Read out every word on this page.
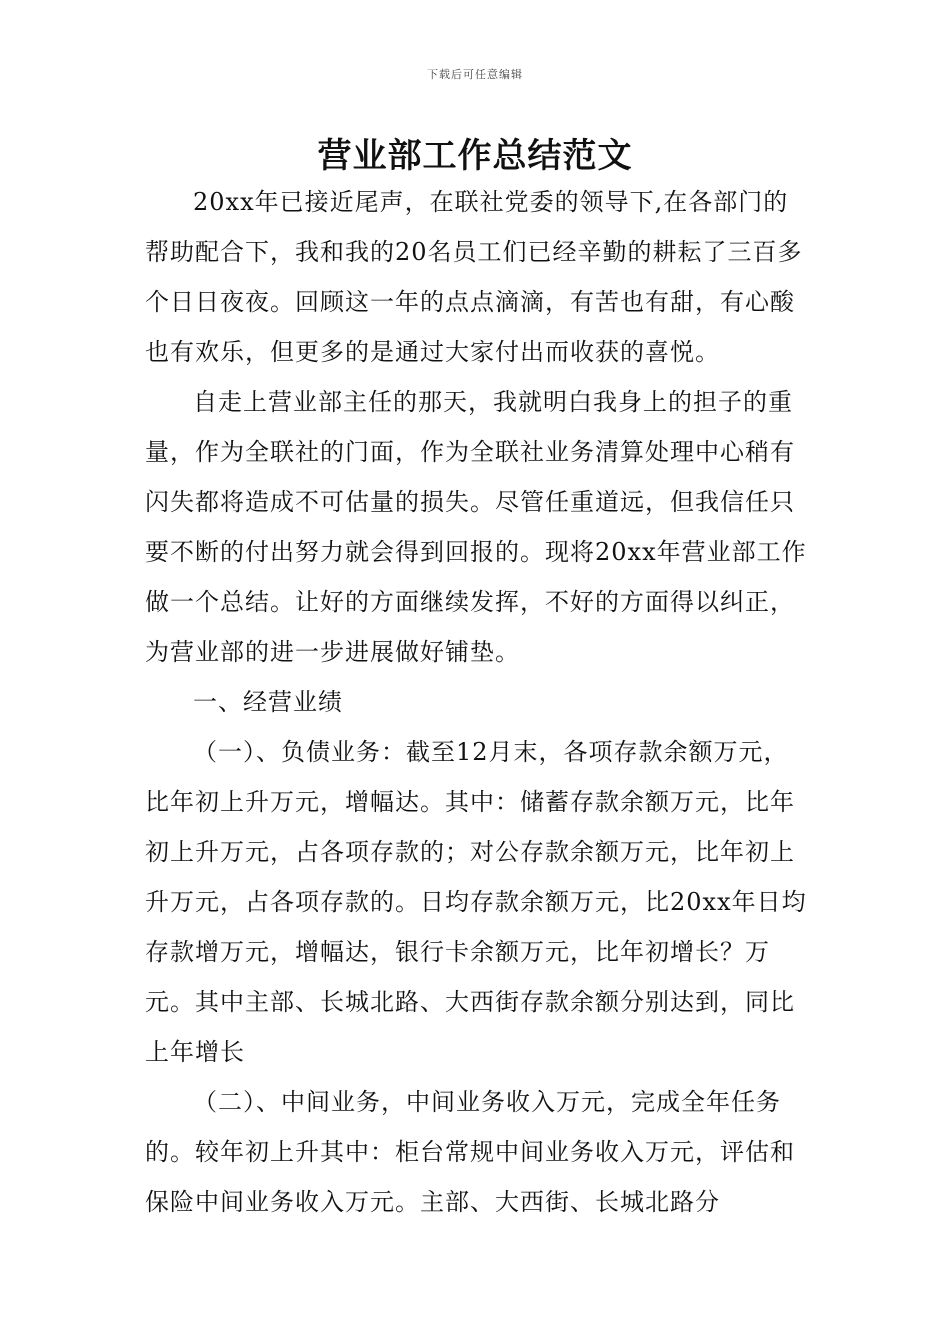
下载后可任意编辑
营业部工作总结范文

20xx年已接近尾声，在联社党委的领导下,在各部门的帮助配合下，我和我的20名员工们已经辛勤的耕耘了三百多个日日夜夜。回顾这一年的点点滴滴，有苦也有甜，有心酸也有欢乐，但更多的是通过大家付出而收获的喜悦。

自走上营业部主任的那天，我就明白我身上的担子的重量，作为全联社的门面，作为全联社业务清算处理中心稍有闪失都将造成不可估量的损失。尽管任重道远，但我信任只要不断的付出努力就会得到回报的。现将20xx年营业部工作做一个总结。让好的方面继续发挥，不好的方面得以纠正，为营业部的进一步进展做好铺垫。

一、经营业绩

（一）、负债业务：截至12月末，各项存款余额万元，比年初上升万元，增幅达。其中：储蓄存款余额万元，比年初上升万元，占各项存款的；对公存款余额万元，比年初上升万元，占各项存款的。日均存款余额万元，比20xx年日均存款增万元，增幅达，银行卡余额万元，比年初增长？万元。其中主部、长城北路、大西街存款余额分别达到，同比上年增长

（二）、中间业务，中间业务收入万元，完成全年任务的。较年初上升其中：柜台常规中间业务收入万元，评估和保险中间业务收入万元。主部、大西街、长城北路分
